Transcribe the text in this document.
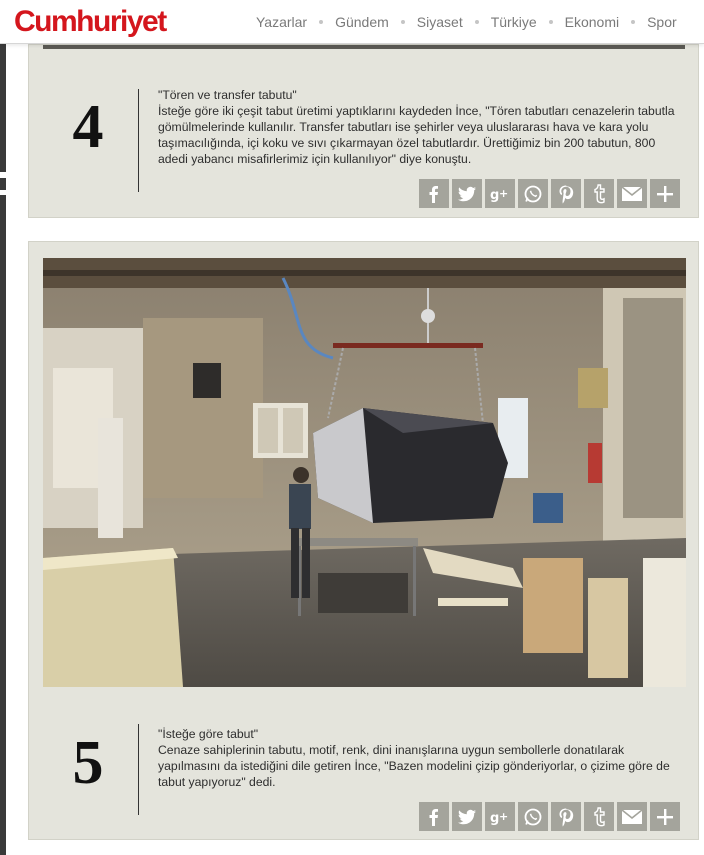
Cumhuriyet	Yazarlar Gündem Siyaset Türkiye Ekonomi Spor
4	"Tören ve transfer tabutu"
İsteğe göre iki çeşit tabut üretimi yaptıklarını kaydeden İnce, "Tören tabutları cenazelerin tabutla gömülmelerinde kullanılır. Transfer tabutları ise şehirler veya uluslararası hava ve kara yolu taşımacılığında, içi koku ve sıvı çıkarmayan özel tabutlardır. Ürettiğimiz bin 200 tabutun, 800 adedi yabancı misafirlerimiz için kullanılıyor" diye konuştu.
g +
5	"İsteğe göre tabut"
Cenaze sahiplerinin tabutu, motif, renk, dini inanışlarına uygun sembollerle donatılarak yapılmasını da istediğini dile getiren İnce, "Bazen modelini çizip gönderiyorlar, o çizime göre de tabut yapıyoruz" dedi.
g +
